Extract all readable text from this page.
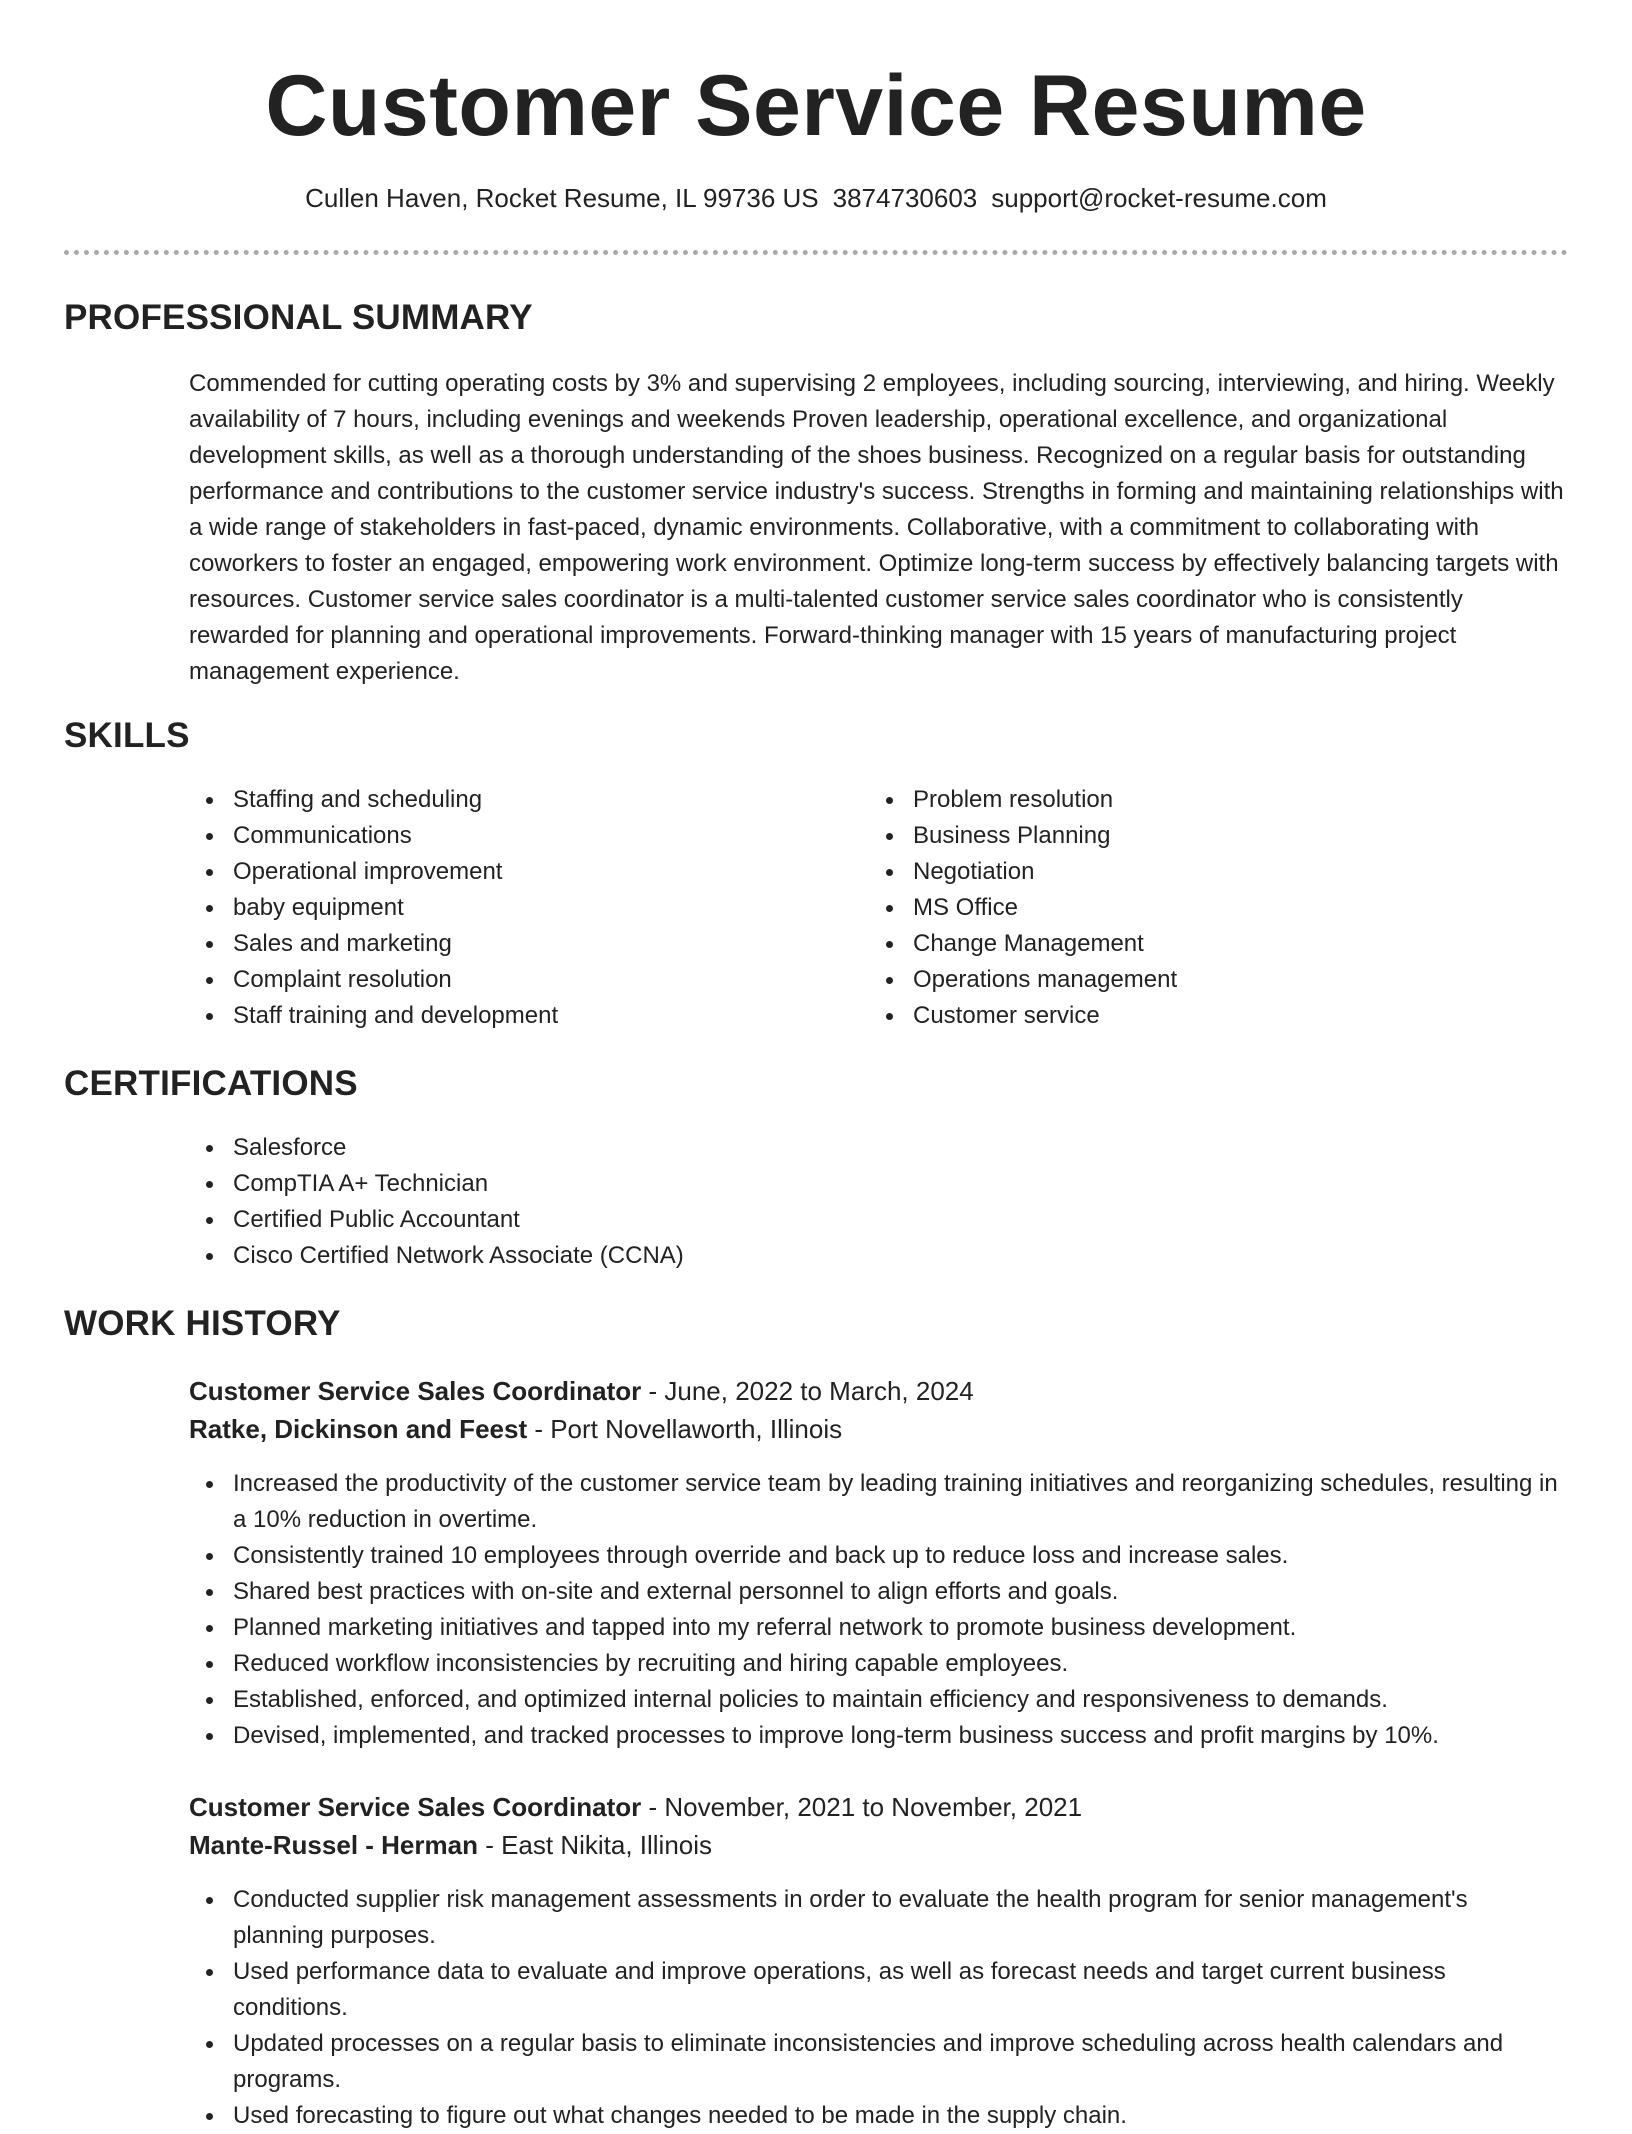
Customer Service Resume
Cullen Haven, Rocket Resume, IL 99736 US 3874730603 support@rocket-resume.com
PROFESSIONAL SUMMARY

Commended for cutting operating costs by 3% and supervising 2 employees, including sourcing, interviewing, and hiring. Weekly availability of 7 hours, including evenings and weekends Proven leadership, operational excellence, and organizational development skills, as well as a thorough understanding of the shoes business. Recognized on a regular basis for outstanding performance and contributions to the customer service industry's success. Strengths in forming and maintaining relationships with a wide range of stakeholders in fast-paced, dynamic environments. Collaborative, with a commitment to collaborating with coworkers to foster an engaged, empowering work environment. Optimize long-term success by effectively balancing targets with resources. Customer service sales coordinator is a multi-talented customer service sales coordinator who is consistently rewarded for planning and operational improvements. Forward-thinking manager with 15 years of manufacturing project management experience.

SKILLS
Staffing and scheduling
Communications
Operational improvement
baby equipment
Sales and marketing
Complaint resolution
Staff training and development
Problem resolution
Business Planning
Negotiation
MS Office
Change Management
Operations management
Customer service
CERTIFICATIONS
Salesforce
CompTIA A+ Technician
Certified Public Accountant
Cisco Certified Network Associate (CCNA)
WORK HISTORY
Customer Service Sales Coordinator - June, 2022 to March, 2024
Ratke, Dickinson and Feest - Port Novellaworth, Illinois
Increased the productivity of the customer service team by leading training initiatives and reorganizing schedules, resulting in a 10% reduction in overtime.
Consistently trained 10 employees through override and back up to reduce loss and increase sales.
Shared best practices with on-site and external personnel to align efforts and goals.
Planned marketing initiatives and tapped into my referral network to promote business development.
Reduced workflow inconsistencies by recruiting and hiring capable employees.
Established, enforced, and optimized internal policies to maintain efficiency and responsiveness to demands.
Devised, implemented, and tracked processes to improve long-term business success and profit margins by 10%.
Customer Service Sales Coordinator - November, 2021 to November, 2021
Mante-Russel - Herman - East Nikita, Illinois
Conducted supplier risk management assessments in order to evaluate the health program for senior management's planning purposes.
Used performance data to evaluate and improve operations, as well as forecast needs and target current business conditions.
Updated processes on a regular basis to eliminate inconsistencies and improve scheduling across health calendars and programs.
Used forecasting to figure out what changes needed to be made in the supply chain.
